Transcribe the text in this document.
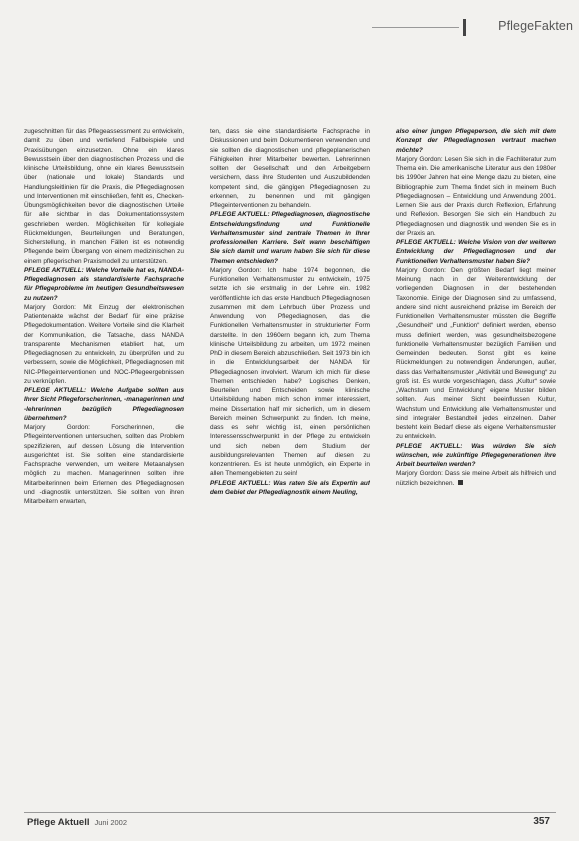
PflegeFakten

zugeschnitten für das Pflegeassessment zu entwickeln, damit zu üben und vertiefend Fallbeispiele und Praxisübungen einzusetzen. Ohne ein klares Bewusstsein über den diagnostischen Prozess und die klinische Urteilsbildung, ohne ein klares Bewusstsein über (nationale und lokale) Standards und Handlungsleitlinien für die Praxis, die Pflegediagnosen und Interventionen mit einschließen, fehlt es, Checken-Übungsmöglichkeiten bevor die diagnostischen Urteile für alle sichtbar in das Dokumentationssystem geschrieben werden. Möglichkeiten für kollegiale Rückmeldungen, Beurteilungen und Beratungen, Sicherstellung, in manchen Fällen ist es notwendig Pflegende beim Übergang von einem medizinischen zu einem pflegerischen Praxismodell zu unterstützen.

PFLEGE AKTUELL: Welche Vorteile hat es, NANDA-Pflegediagnosen als standardisierte Fachsprache für Pflegeprobleme im heutigen Gesundheitswesen zu nutzen?

Marjory Gordon: Mit Einzug der elektronischen Patientenakte wächst der Bedarf für eine präzise Pflegedokumentation. Weitere Vorteile sind die Klarheit der Kommunikation, die Tatsache, dass NANDA transparente Mechanismen etabliert hat, um Pflegediagnosen zu entwickeln, zu überprüfen und zu verbessern, sowie die Möglichkeit, Pflegediagnosen mit NIC-Pflegeinterventionen und NOC-Pflegeergebnissen zu verknüpfen.

PFLEGE AKTUELL: Welche Aufgabe sollten aus Ihrer Sicht Pflegeforscherinnen, -managerinnen und -lehrerinnen bezüglich Pflegediagnosen übernehmen?

Marjory Gordon: Forscherinnen, die Pflegeinterventionen untersuchen, sollten das Problem spezifizieren, auf dessen Lösung die Intervention ausgerichtet ist. Sie sollten eine standardisierte Fachsprache verwenden, um weitere Metaanalysen möglich zu machen. Managerinnen sollten ihre Mitarbeiterinnen beim Erlernen des Pflegediagnosen und -diagnostik unterstützen. Sie sollten von ihren Mitarbeitern erwarten,

ten, dass sie eine standardisierte Fachsprache in Diskussionen und beim Dokumentieren verwenden und sie sollten die diagnostischen und pflegeplanerischen Fähigkeiten ihrer Mitarbeiter bewerten. Lehrerinnen sollten der Gesellschaft und den Arbeitgebern versichern, dass ihre Studenten und Auszubildenden kompetent sind, die gängigen Pflegediagnosen zu erkennen, zu benennen und mit gängigen Pflegeinterventionen zu behandeln.

PFLEGE AKTUELL: Pflegediagnosen, diagnostische Entscheidungsfindung und Funktionelle Verhaltensmuster sind zentrale Themen in Ihrer professionellen Karriere. Seit wann beschäftigen Sie sich damit und warum haben Sie sich für diese Themen entschieden?

Marjory Gordon: Ich habe 1974 begonnen, die Funktionellen Verhaltensmuster zu entwickeln, 1975 setzte ich sie erstmalig in der Lehre ein. 1982 veröffentlichte ich das erste Handbuch Pflegediagnosen zusammen mit dem Lehrbuch über Prozess und Anwendung von Pflegediagnosen, das die Funktionellen Verhaltensmuster in strukturierter Form darstellte. In den 1960ern begann ich, zum Thema klinische Urteilsbildung zu arbeiten, um 1972 meinen PhD in diesem Bereich abzuschließen. Seit 1973 bin ich in die Entwicklungsarbeit der NANDA für Pflegediagnosen involviert. Warum ich mich für diese Themen entschieden habe? Logisches Denken, Beurteilen und Entscheiden sowie klinische Urteilsbildung haben mich schon immer interessiert, meine Dissertation half mir sicherlich, um in diesem Bereich meinen Schwerpunkt zu finden. Ich meine, dass es sehr wichtig ist, einen persönlichen Interessensschwerpunkt in der Pflege zu entwickeln und sich neben dem Studium der ausbildungsrelevanten Themen auf diesen zu konzentrieren. Es ist heute unmöglich, ein Experte in allen Themengebieten zu sein!

PFLEGE AKTUELL: Was raten Sie als Expertin auf dem Gebiet der Pflegediagnostik einem Neuling,

also einer jungen Pflegeperson, die sich mit dem Konzept der Pflegediagnosen vertraut machen möchte?

Marjory Gordon: Lesen Sie sich in die Fachliteratur zum Thema ein. Die amerikanische Literatur aus den 1980er bis 1990er Jahren hat eine Menge dazu zu bieten, eine Bibliographie zum Thema findet sich in meinem Buch Pflegediagnosen – Entwicklung und Anwendung 2001. Lernen Sie aus der Praxis durch Reflexion, Erfahrung und Reflexion. Besorgen Sie sich ein Handbuch zu Pflegediagnosen und diagnostik und wenden Sie es in der Praxis an.

PFLEGE AKTUELL: Welche Vision von der weiteren Entwicklung der Pflegediagnosen und der Funktionellen Verhaltensmuster haben Sie?

Marjory Gordon: Den größten Bedarf liegt meiner Meinung nach in der Weiterentwicklung der vorliegenden Diagnosen in der bestehenden Taxonomie. Einige der Diagnosen sind zu umfassend, andere sind nicht ausreichend präzise im Bereich der Funktionellen Verhaltensmuster müssten die Begriffe „Gesundheit“ und „Funktion“ definiert werden, ebenso muss definiert werden, was gesundheitsbezogene funktionelle Verhaltensmuster bezüglich Familien und Gemeinden bedeuten. Sonst gibt es keine Rückmeldungen zu notwendigen Änderungen, außer, dass das Verhaltensmuster „Aktivität und Bewegung“ zu groß ist. Es wurde vorgeschlagen, dass „Kultur“ sowie „Wachstum und Entwicklung“ eigene Muster bilden sollten. Aus meiner Sicht beeinflussen Kultur, Wachstum und Entwicklung alle Verhaltensmuster und sind integraler Bestandteil jedes einzelnen. Daher besteht kein Bedarf diese als eigene Verhaltensmuster zu entwickeln.

PFLEGE AKTUELL: Was würden Sie sich wünschen, wie zukünftige Pflegegenerationen ihre Arbeit beurteilen werden?

Marjory Gordon: Dass sie meine Arbeit als hilfreich und nützlich bezeichnen.

Pflege Aktuell Juni 2002	357
